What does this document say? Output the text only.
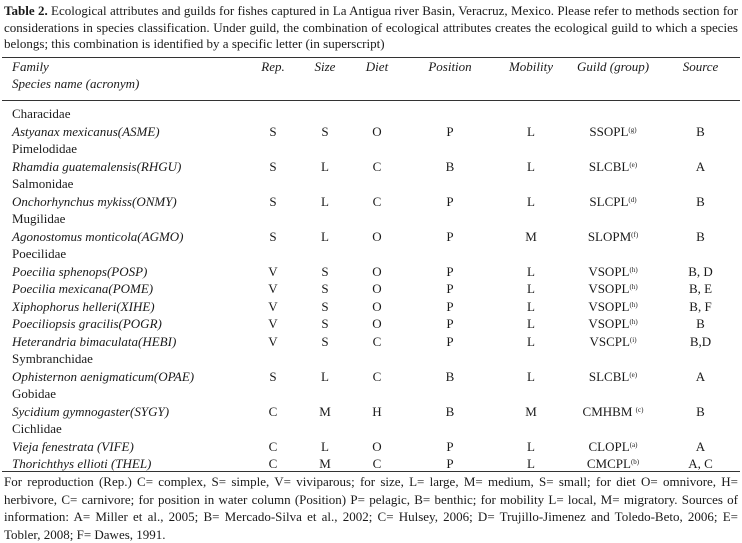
Table 2. Ecological attributes and guilds for fishes captured in La Antigua river Basin, Veracruz, Mexico. Please refer to methods section for considerations in species classification. Under guild, the combination of ecological attributes creates the ecological guild to which a species belongs; this combination is identified by a specific letter (in superscript)
Family	Rep.	Size	Diet	Position	Mobility	Guild (group)	Source
Species name (acronym)							

Characidae							
Astyanax mexicanus(ASME)	S	S	O	P	L	SSOPL$^{(g)}$	B
Pimelodidae							
Rhamdia guatemalensis(RHGU)	S	L	C	B	L	SLCBL$^{(e)}$	A
Salmonidae							
Onchorhynchus mykiss(ONMY)	S	L	C	P	L	SLCPL$^{(d)}$	B
Mugilidae							
Agonostomus monticola(AGMO)	S	L	O	P	M	SLOPM$^{(f)}$	B
Poecilidae							
Poecilia sphenops(POSP)	V	S	O	P	L	VSOPL$^{(h)}$	B, D
Poecilia mexicana(POME)	V	S	O	P	L	VSOPL$^{(h)}$	B, E
Xiphophorus helleri(XIHE)	V	S	O	P	L	VSOPL$^{(h)}$	B, F
Poeciliopsis gracilis(POGR)	V	S	O	P	L	VSOPL$^{(h)}$	B
Heterandria bimaculata(HEBI)	V	S	C	P	L	VSCPL$^{(i)}$	B,D
Symbranchidae							
Ophisternon aenigmaticum(OPAE)	S	L	C	B	L	SLCBL$^{(e)}$	A
Gobidae							
Sycidium gymnogaster(SYGY)	C	M	H	B	M	CMHBM $^{(c)}$	B
Cichlidae							
Vieja fenestrata (VIFE)	C	L	O	P	L	CLOPL$^{(a)}$	A
Thorichthys ellioti (THEL)	C	M	C	P	L	CMCPL$^{(b)}$	A, C
For reproduction (Rep.) C= complex, S= simple, V= viviparous; for size, L= large, M= medium, S= small; for diet O= omnivore, H= herbivore, C= carnivore; for position in water column (Position) P= pelagic, B= benthic; for mobility L= local, M= migratory. Sources of information: A= Miller et al., 2005; B= Mercado-Silva et al., 2002; C= Hulsey, 2006; D= Trujillo-Jimenez and Toledo-Beto, 2006; E= Tobler, 2008; F= Dawes, 1991.
